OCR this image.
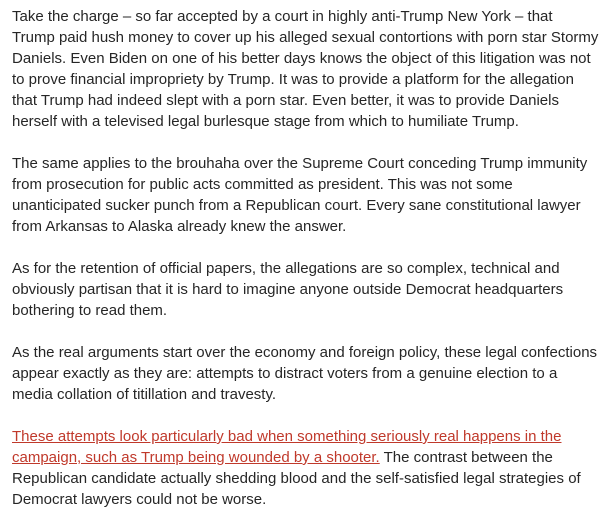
Take the charge – so far accepted by a court in highly anti-Trump New York – that Trump paid hush money to cover up his alleged sexual contortions with porn star Stormy Daniels. Even Biden on one of his better days knows the object of this litigation was not to prove financial impropriety by Trump. It was to provide a platform for the allegation that Trump had indeed slept with a porn star. Even better, it was to provide Daniels herself with a televised legal burlesque stage from which to humiliate Trump.

The same applies to the brouhaha over the Supreme Court conceding Trump immunity from prosecution for public acts committed as president. This was not some unanticipated sucker punch from a Republican court. Every sane constitutional lawyer from Arkansas to Alaska already knew the answer.

As for the retention of official papers, the allegations are so complex, technical and obviously partisan that it is hard to imagine anyone outside Democrat headquarters bothering to read them.

As the real arguments start over the economy and foreign policy, these legal confections appear exactly as they are: attempts to distract voters from a genuine election to a media collation of titillation and travesty.

These attempts look particularly bad when something seriously real happens in the campaign, such as Trump being wounded by a shooter. The contrast between the Republican candidate actually shedding blood and the self-satisfied legal strategies of Democrat lawyers could not be worse.
